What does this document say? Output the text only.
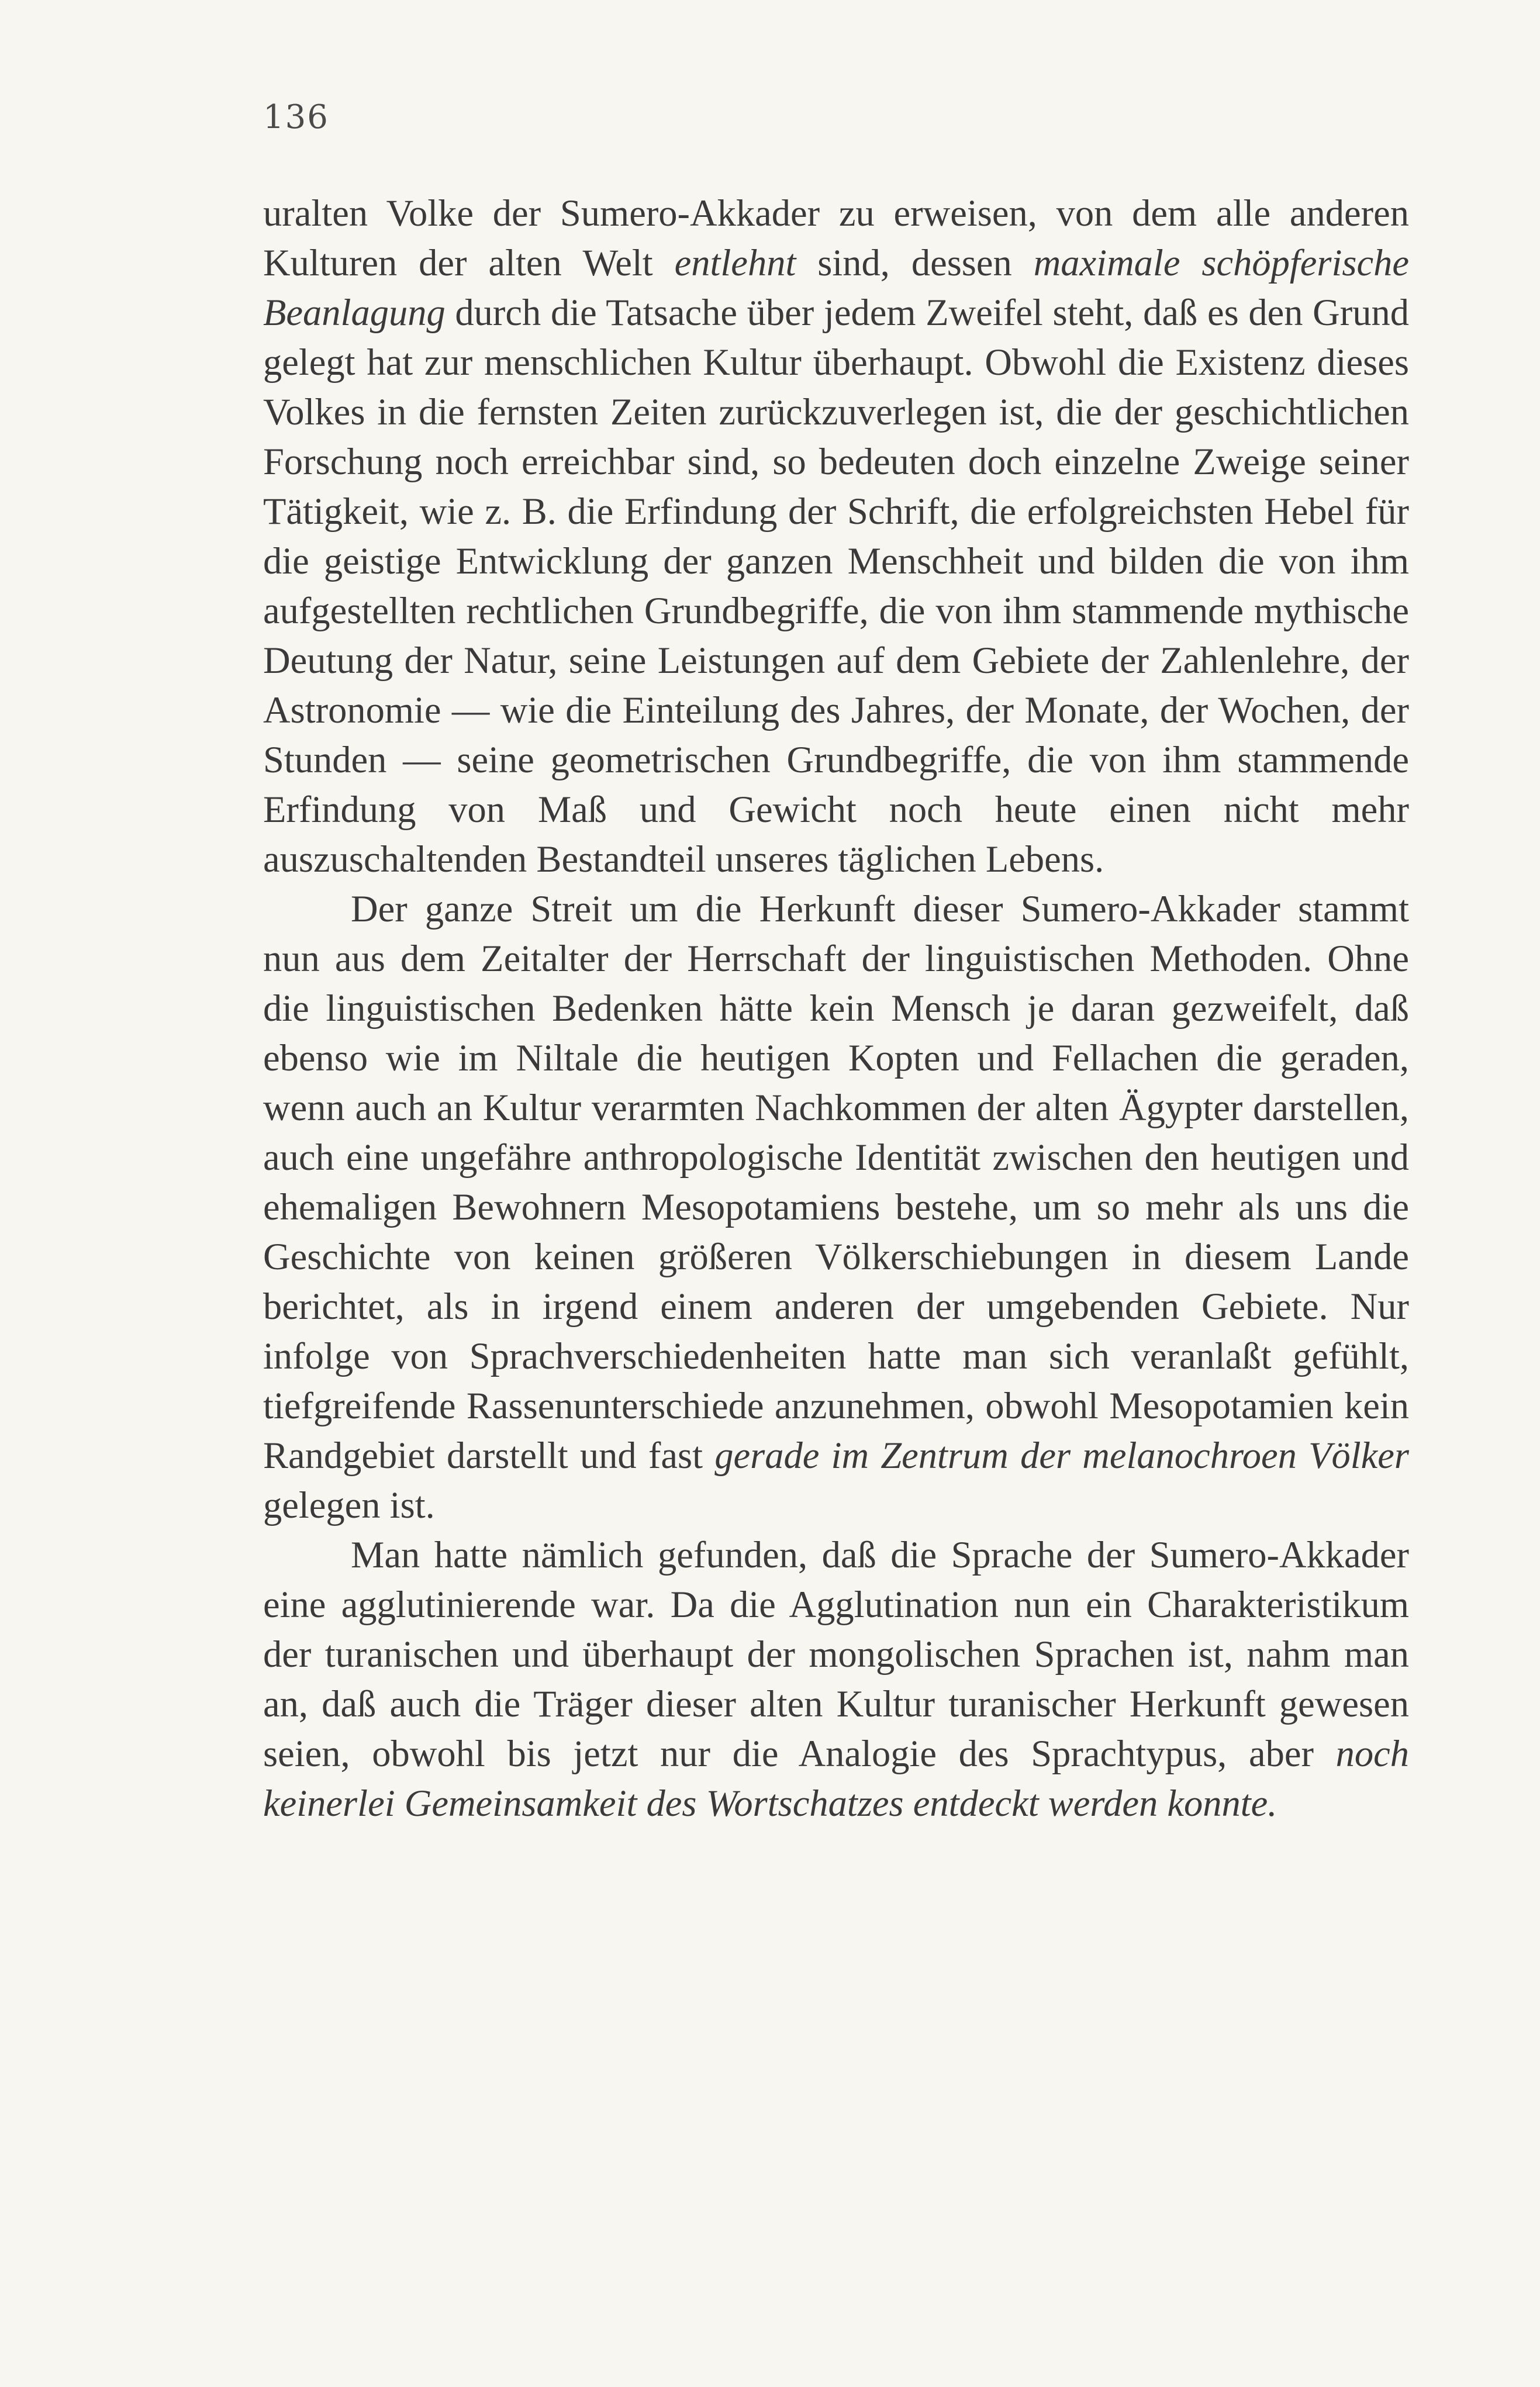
136

uralten Volke der Sumero-Akkader zu erweisen, von dem alle anderen Kulturen der alten Welt entlehnt sind, dessen maximale schöpferische Beanlagung durch die Tatsache über jedem Zweifel steht, daß es den Grund gelegt hat zur menschlichen Kultur überhaupt. Obwohl die Existenz dieses Volkes in die fernsten Zeiten zurückzuverlegen ist, die der geschichtlichen Forschung noch erreichbar sind, so bedeuten doch einzelne Zweige seiner Tätigkeit, wie z. B. die Erfindung der Schrift, die erfolgreichsten Hebel für die geistige Entwicklung der ganzen Menschheit und bilden die von ihm aufgestellten rechtlichen Grundbegriffe, die von ihm stammende mythische Deutung der Natur, seine Leistungen auf dem Gebiete der Zahlenlehre, der Astronomie — wie die Einteilung des Jahres, der Monate, der Wochen, der Stunden — seine geometrischen Grundbegriffe, die von ihm stammende Erfindung von Maß und Gewicht noch heute einen nicht mehr auszuschaltenden Bestandteil unseres täglichen Lebens.

Der ganze Streit um die Herkunft dieser Sumero-Akkader stammt nun aus dem Zeitalter der Herrschaft der linguistischen Methoden. Ohne die linguistischen Bedenken hätte kein Mensch je daran gezweifelt, daß ebenso wie im Niltale die heutigen Kopten und Fellachen die geraden, wenn auch an Kultur verarmten Nachkommen der alten Ägypter darstellen, auch eine ungefähre anthropologische Identität zwischen den heutigen und ehemaligen Bewohnern Mesopotamiens bestehe, um so mehr als uns die Geschichte von keinen größeren Völkerschiebungen in diesem Lande berichtet, als in irgend einem anderen der umgebenden Gebiete. Nur infolge von Sprachverschiedenheiten hatte man sich veranlaßt gefühlt, tiefgreifende Rassenunterschiede anzunehmen, obwohl Mesopotamien kein Randgebiet darstellt und fast gerade im Zentrum der melanochroen Völker gelegen ist.

Man hatte nämlich gefunden, daß die Sprache der Sumero-Akkader eine agglutinierende war. Da die Agglutination nun ein Charakteristikum der turanischen und überhaupt der mongolischen Sprachen ist, nahm man an, daß auch die Träger dieser alten Kultur turanischer Herkunft gewesen seien, obwohl bis jetzt nur die Analogie des Sprachtypus, aber noch keinerlei Gemeinsamkeit des Wortschatzes entdeckt werden konnte.
